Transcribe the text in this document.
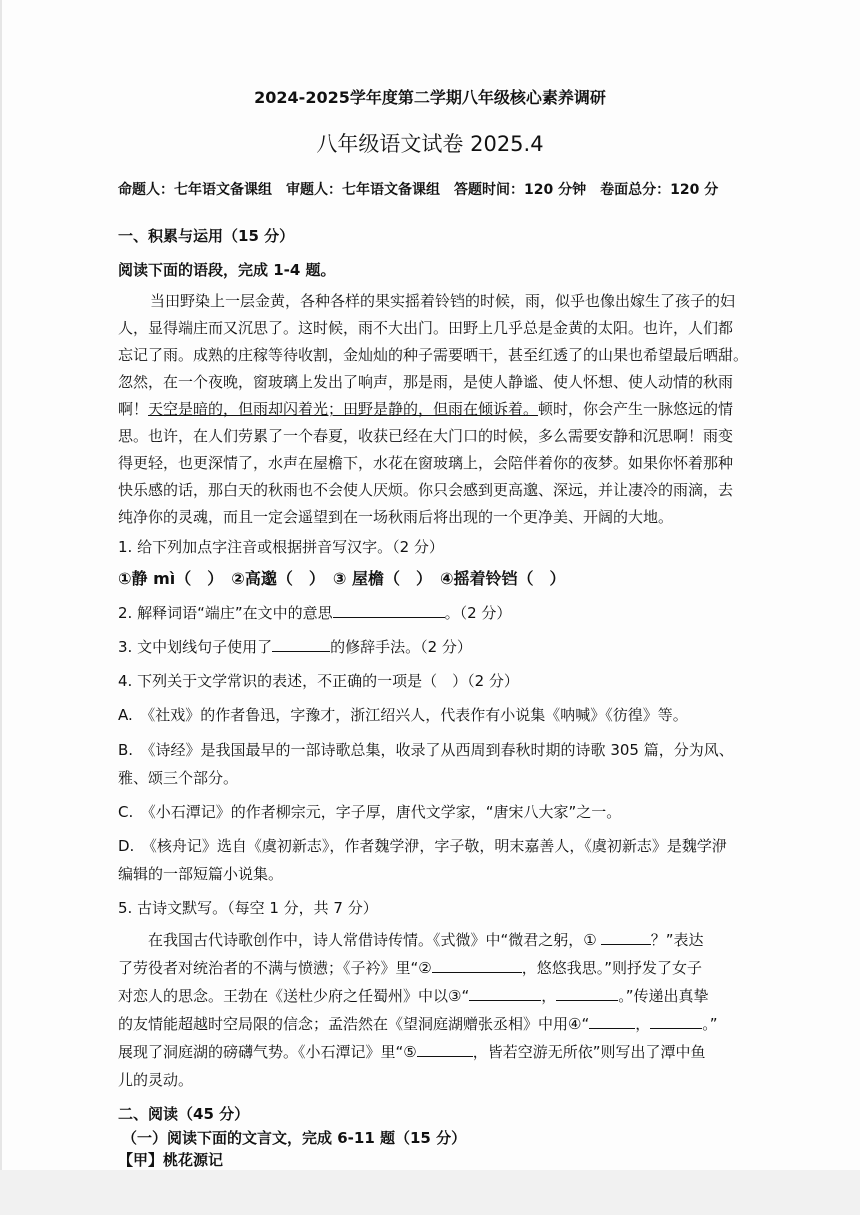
2024-2025学年度第二学期八年级核心素养调研
八年级语文试卷 2025.4
命题人：七年语文备课组　审题人：七年语文备课组　答题时间：120 分钟　卷面总分：120 分
一、积累与运用（15 分）
阅读下面的语段，完成 1-4 题。
当田野染上一层金黄，各种各样的果实摇着铃铛的时候，雨，似乎也像出嫁生了孩子的妇
人，显得端庄而又沉思了。这时候，雨不大出门。田野上几乎总是金黄的太阳。也许，人们都
忘记了雨。成熟的庄稼等待收割，金灿灿的种子需要晒干，甚至红透了的山果也希望最后晒甜。
忽然，在一个夜晚，窗玻璃上发出了响声，那是雨，是使人静谧、使人怀想、使人动情的秋雨
啊！天空是暗的，但雨却闪着光；田野是静的，但雨在倾诉着。顿时，你会产生一脉悠远的情
思。也许，在人们劳累了一个春夏，收获已经在大门口的时候，多么需要安静和沉思啊！雨变
得更轻，也更深情了，水声在屋檐下，水花在窗玻璃上，会陪伴着你的夜梦。如果你怀着那种
快乐感的话，那白天的秋雨也不会使人厌烦。你只会感到更高邈、深远，并让凄冷的雨滴，去
纯净你的灵魂，而且一定会遥望到在一场秋雨后将出现的一个更净美、开阔的大地。
1. 给下列加点字注音或根据拼音写汉字。（2 分）
①静 mì（　）　②高邈（　）　③ 屋檐（　）　④摇着铃铛（　）
2. 解释词语“端庄”在文中的意思	。（2 分）
3. 文中划线句子使用了	的修辞手法。（2 分）
4. 下列关于文学常识的表述，不正确的一项是（　）（2 分）
A.　《社戏》的作者鲁迅，字豫才，浙江绍兴人，代表作有小说集《呐喊》《彷徨》等。
B.　《诗经》是我国最早的一部诗歌总集，收录了从西周到春秋时期的诗歌 305 篇，分为风、
雅、颂三个部分。
C.　《小石潭记》的作者柳宗元，字子厚，唐代文学家，“唐宋八大家”之一。
D.　《核舟记》选自《虞初新志》，作者魏学洢，字子敬，明末嘉善人，《虞初新志》是魏学洢
编辑的一部短篇小说集。
5. 古诗文默写。（每空 1 分，共 7 分）
在我国古代诗歌创作中，诗人常借诗传情。《式微》中“微君之躬，①	？”表达
了劳役者对统治者的不满与愤懑；《子衿》里“②	，悠悠我思。”则抒发了女子
对恋人的思念。王勃在《送杜少府之任蜀州》中以③“	，	。”传递出真挚
的友情能超越时空局限的信念；孟浩然在《望洞庭湖赠张丞相》中用④“	，	。”
展现了洞庭湖的磅礴气势。《小石潭记》里“⑤	，皆若空游无所依”则写出了潭中鱼
儿的灵动。
二、阅读（45 分）
（一）阅读下面的文言文，完成 6-11 题（15 分）
【甲】桃花源记
